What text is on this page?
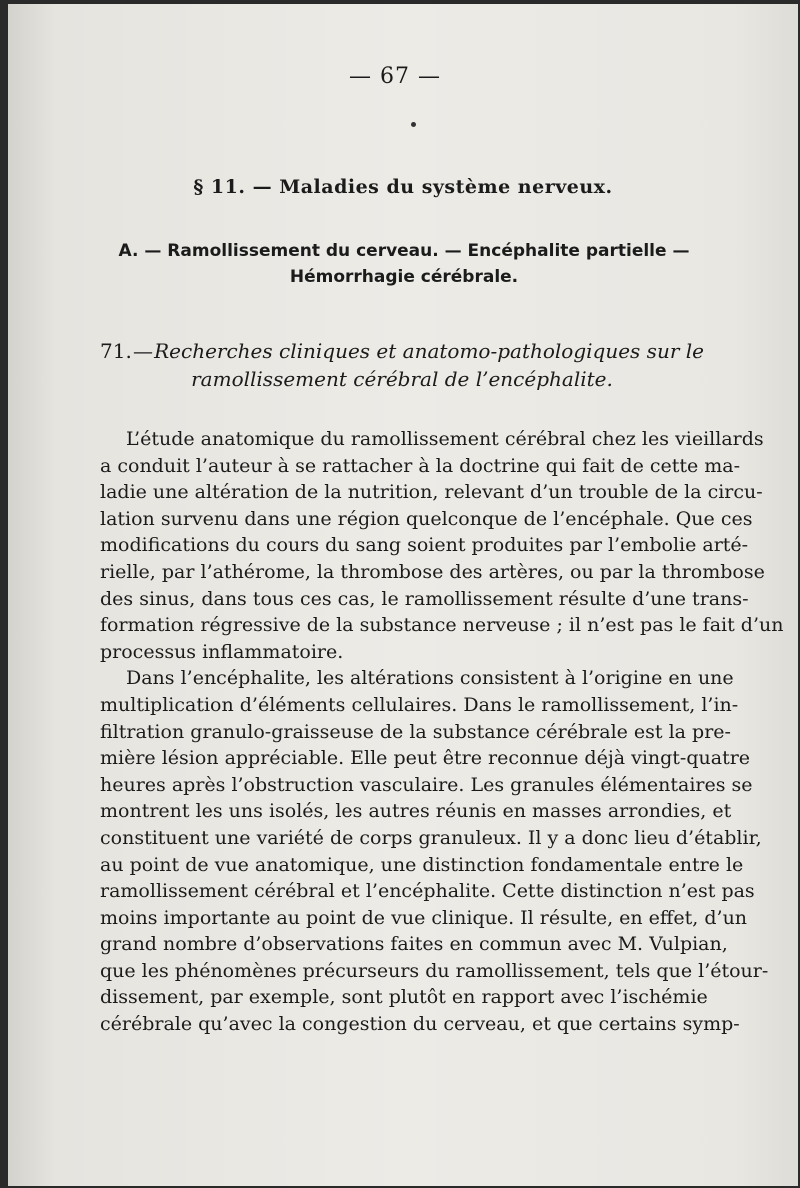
— 67 —
§ 11. — Maladies du système nerveux.
A. — Ramollissement du cerveau. — Encéphalite partielle —
Hémorrhagie cérébrale.
71. — Recherches cliniques et anatomo-pathologiques sur le
ramollissement cérébral de l’encéphalite.
L’étude anatomique du ramollissement cérébral chez les vieillards
a conduit l’auteur à se rattacher à la doctrine qui fait de cette ma-
ladie une altération de la nutrition, relevant d’un trouble de la circu-
lation survenu dans une région quelconque de l’encéphale. Que ces
modifications du cours du sang soient produites par l’embolie arté-
rielle, par l’athérome, la thrombose des artères, ou par la thrombose
des sinus, dans tous ces cas, le ramollissement résulte d’une trans-
formation régressive de la substance nerveuse ; il n’est pas le fait d’un
processus inflammatoire.
Dans l’encéphalite, les altérations consistent à l’origine en une
multiplication d’éléments cellulaires. Dans le ramollissement, l’in-
filtration granulo-graisseuse de la substance cérébrale est la pre-
mière lésion appréciable. Elle peut être reconnue déjà vingt-quatre
heures après l’obstruction vasculaire. Les granules élémentaires se
montrent les uns isolés, les autres réunis en masses arrondies, et
constituent une variété de corps granuleux. Il y a donc lieu d’établir,
au point de vue anatomique, une distinction fondamentale entre le
ramollissement cérébral et l’encéphalite. Cette distinction n’est pas
moins importante au point de vue clinique. Il résulte, en effet, d’un
grand nombre d’observations faites en commun avec M. Vulpian,
que les phénomènes précurseurs du ramollissement, tels que l’étour-
dissement, par exemple, sont plutôt en rapport avec l’ischémie
cérébrale qu’avec la congestion du cerveau, et que certains symp-
